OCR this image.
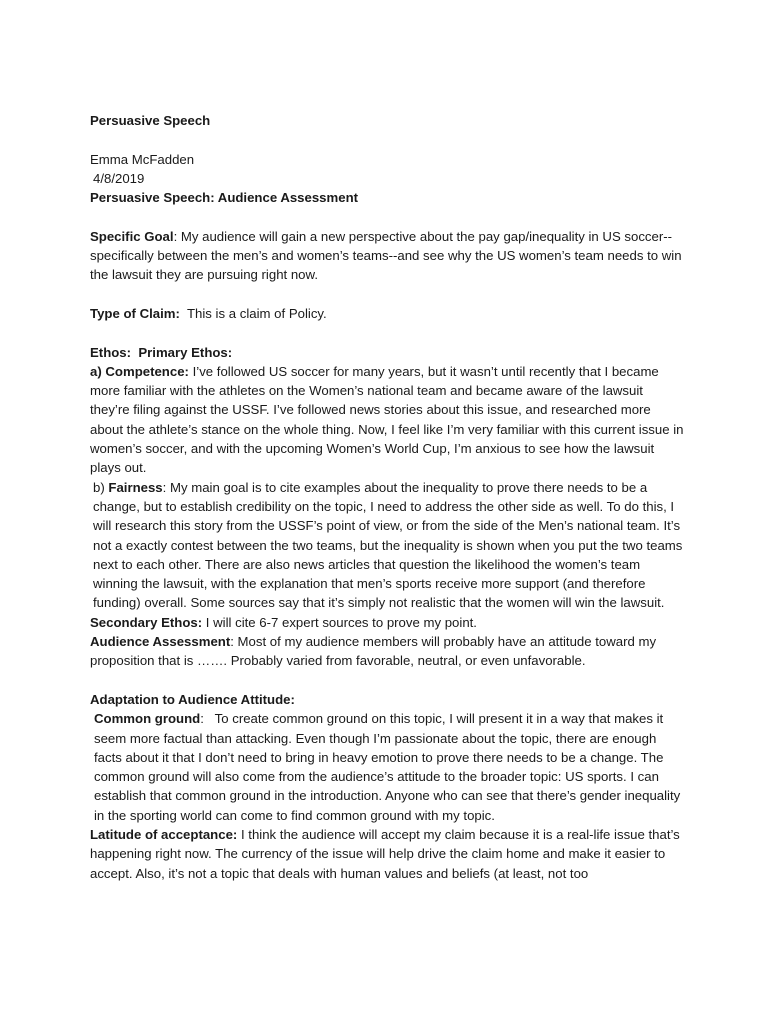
Persuasive Speech

Emma McFadden

4/8/2019

Persuasive Speech: Audience Assessment

Specific Goal: My audience will gain a new perspective about the pay gap/inequality in US soccer--specifically between the men’s and women’s teams--and see why the US women’s team needs to win the lawsuit they are pursuing right now.

Type of Claim:  This is a claim of Policy.

Ethos:  Primary Ethos:

a) Competence: I’ve followed US soccer for many years, but it wasn’t until recently that I became more familiar with the athletes on the Women’s national team and became aware of the lawsuit they’re filing against the USSF. I’ve followed news stories about this issue, and researched more about the athlete’s stance on the whole thing. Now, I feel like I’m very familiar with this current issue in women’s soccer, and with the upcoming Women’s World Cup, I’m anxious to see how the lawsuit plays out.

b) Fairness: My main goal is to cite examples about the inequality to prove there needs to be a change, but to establish credibility on the topic, I need to address the other side as well. To do this, I will research this story from the USSF’s point of view, or from the side of the Men’s national team. It’s not a exactly contest between the two teams, but the inequality is shown when you put the two teams next to each other. There are also news articles that question the likelihood the women’s team winning the lawsuit, with the explanation that men’s sports receive more support (and therefore funding) overall. Some sources say that it’s simply not realistic that the women will win the lawsuit.

Secondary Ethos: I will cite 6-7 expert sources to prove my point.

Audience Assessment: Most of my audience members will probably have an attitude toward my proposition that is ……. Probably varied from favorable, neutral, or even unfavorable.

Adaptation to Audience Attitude:

Common ground:   To create common ground on this topic, I will present it in a way that makes it seem more factual than attacking. Even though I’m passionate about the topic, there are enough facts about it that I don’t need to bring in heavy emotion to prove there needs to be a change. The common ground will also come from the audience’s attitude to the broader topic: US sports. I can establish that common ground in the introduction. Anyone who can see that there’s gender inequality in the sporting world can come to find common ground with my topic.

Latitude of acceptance: I think the audience will accept my claim because it is a real-life issue that’s happening right now. The currency of the issue will help drive the claim home and make it easier to accept. Also, it’s not a topic that deals with human values and beliefs (at least, not too
